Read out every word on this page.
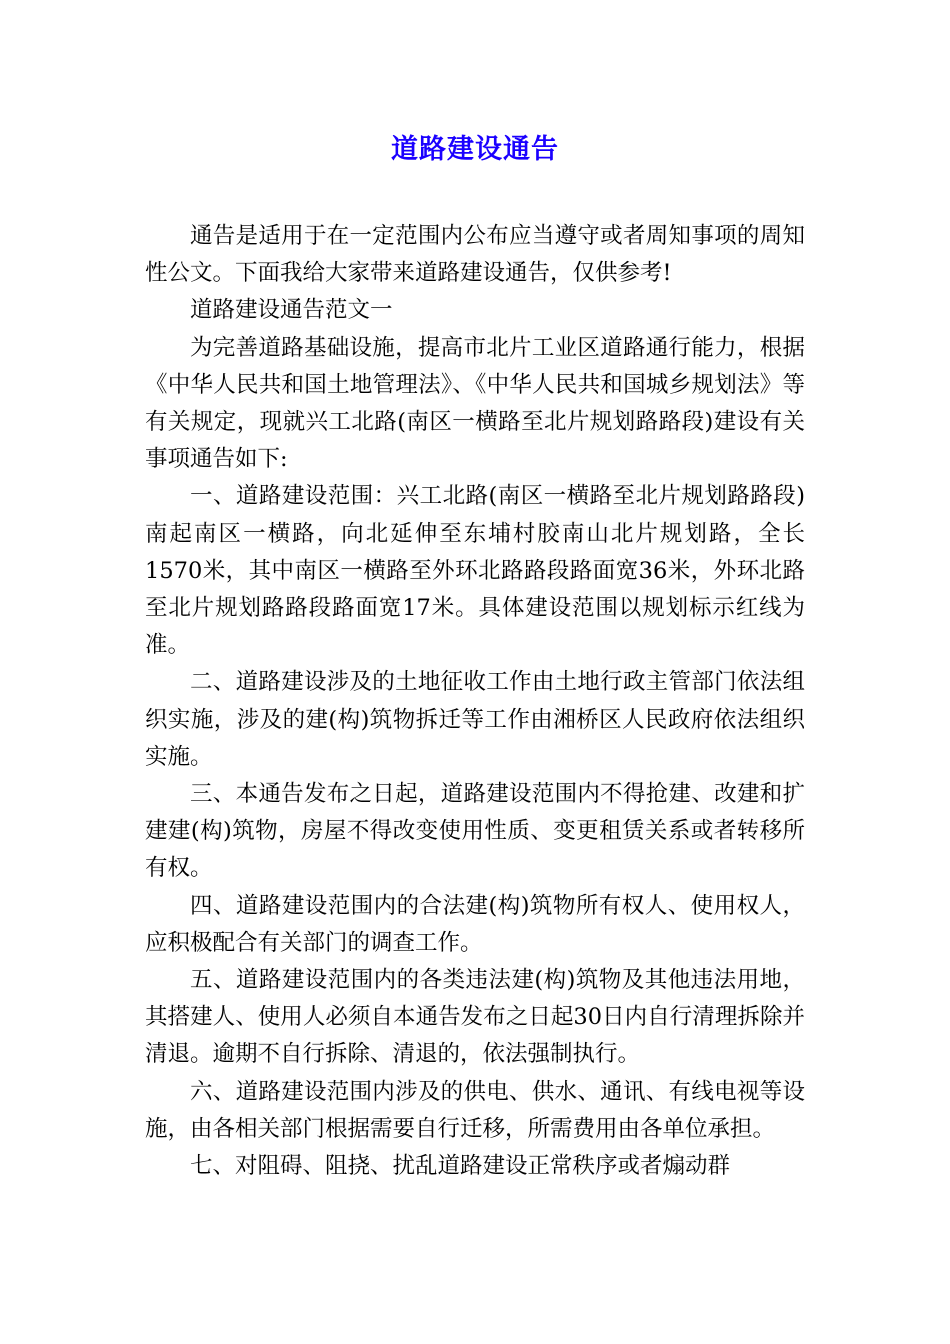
道路建设通告

通告是适用于在一定范围内公布应当遵守或者周知事项的周知性公文。下面我给大家带来道路建设通告，仅供参考!

道路建设通告范文一

为完善道路基础设施，提高市北片工业区道路通行能力，根据《中华人民共和国土地管理法》、《中华人民共和国城乡规划法》等有关规定，现就兴工北路(南区一横路至北片规划路路段)建设有关事项通告如下:

一、道路建设范围：兴工北路(南区一横路至北片规划路路段)南起南区一横路，向北延伸至东埔村胶南山北片规划路，全长1570米，其中南区一横路至外环北路路段路面宽36米，外环北路至北片规划路路段路面宽17米。具体建设范围以规划标示红线为准。

二、道路建设涉及的土地征收工作由土地行政主管部门依法组织实施，涉及的建(构)筑物拆迁等工作由湘桥区人民政府依法组织实施。

三、本通告发布之日起，道路建设范围内不得抢建、改建和扩建建(构)筑物，房屋不得改变使用性质、变更租赁关系或者转移所有权。

四、道路建设范围内的合法建(构)筑物所有权人、使用权人，应积极配合有关部门的调查工作。

五、道路建设范围内的各类违法建(构)筑物及其他违法用地，其搭建人、使用人必须自本通告发布之日起30日内自行清理拆除并清退。逾期不自行拆除、清退的，依法强制执行。

六、道路建设范围内涉及的供电、供水、通讯、有线电视等设施，由各相关部门根据需要自行迁移，所需费用由各单位承担。

七、对阻碍、阻挠、扰乱道路建设正常秩序或者煽动群
